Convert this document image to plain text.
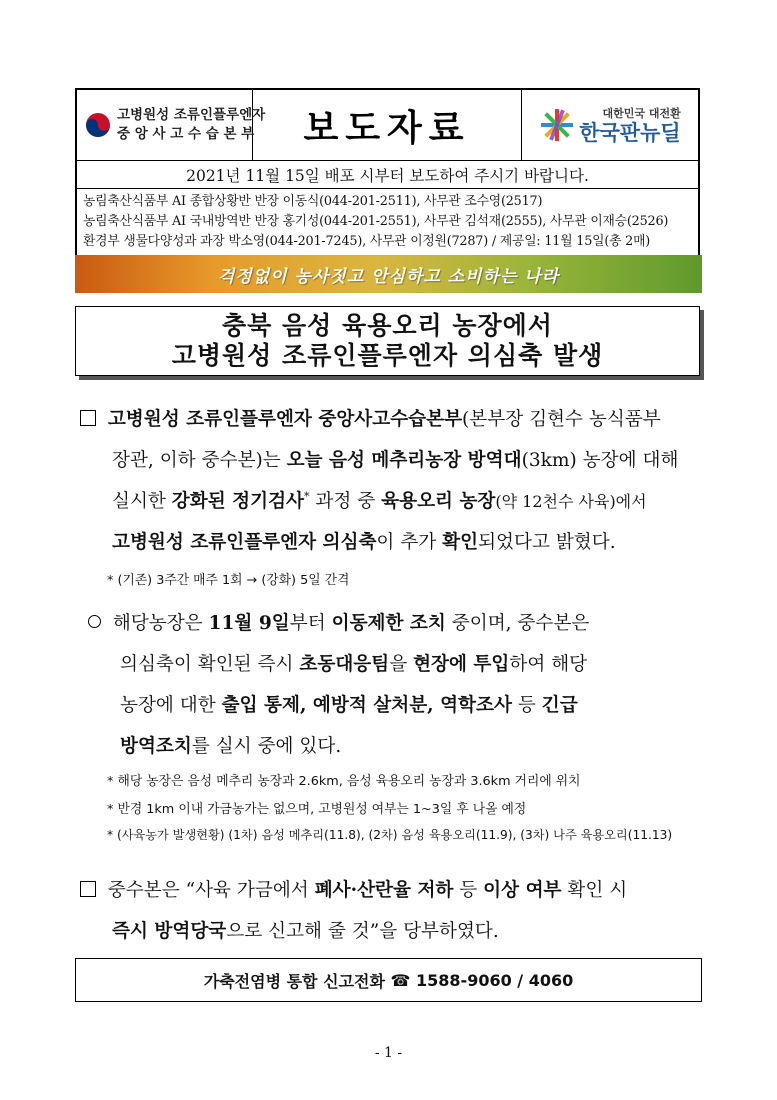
고병원성 조류인플루엔자
중 앙 사 고 수 습 본 부	보도자료	대한민국 대전환
한국판뉴딜
2021년 11월 15일 배포 시부터 보도하여 주시기 바랍니다.
농림축산식품부 AI 종합상황반 반장 이동식(044-201-2511), 사무관 조수영(2517)
농림축산식품부 AI 국내방역반 반장 홍기성(044-201-2551), 사무관 김석재(2555), 사무관 이재승(2526)
환경부 생물다양성과 과장 박소영(044-201-7245), 사무관 이정원(7287) / 제공일: 11월 15일(총 2매)
걱정없이 농사짓고 안심하고 소비하는 나라
충북 음성 육용오리 농장에서
고병원성 조류인플루엔자 의심축 발생
고병원성 조류인플루엔자 중앙사고수습본부(본부장 김현수 농식품부
장관, 이하 중수본)는 오늘 음성 메추리농장 방역대(3km) 농장에 대해
실시한 강화된 정기검사* 과정 중 육용오리 농장(약 12천수 사육)에서
고병원성 조류인플루엔자 의심축이 추가 확인되었다고 밝혔다.
* (기존) 3주간 매주 1회 → (강화) 5일 간격
해당농장은 11월 9일부터 이동제한 조치 중이며, 중수본은
의심축이 확인된 즉시 초동대응팀을 현장에 투입하여 해당
농장에 대한 출입 통제, 예방적 살처분, 역학조사 등 긴급
방역조치를 실시 중에 있다.
* 해당 농장은 음성 메추리 농장과 2.6km, 음성 육용오리 농장과 3.6km 거리에 위치
* 반경 1km 이내 가금농가는 없으며, 고병원성 여부는 1~3일 후 나올 예정
* (사육농가 발생현황) (1차) 음성 메추리(11.8), (2차) 음성 육용오리(11.9), (3차) 나주 육용오리(11.13)
중수본은 “사육 가금에서 폐사·산란율 저하 등 이상 여부 확인 시
즉시 방역당국으로 신고해 줄 것”을 당부하였다.
가축전염병 통합 신고전화
☎
1588-9060 / 4060
- 1 -
